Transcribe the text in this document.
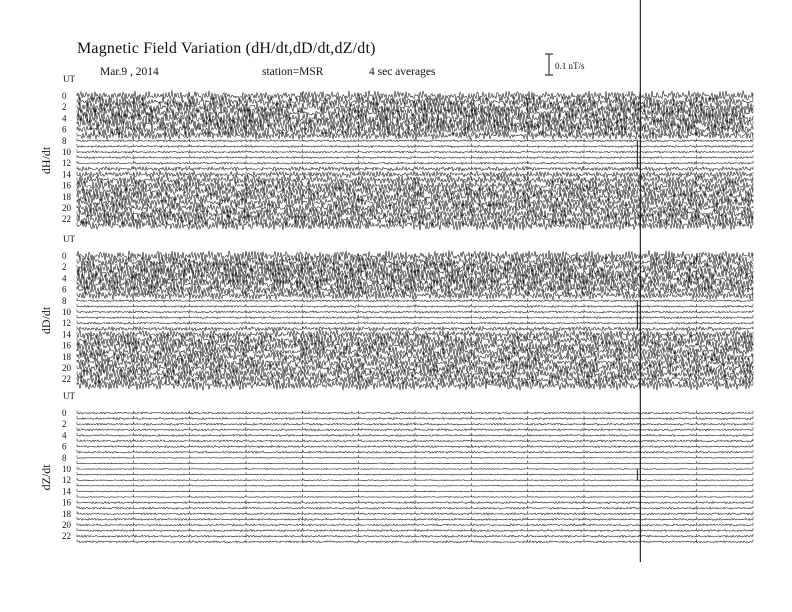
Magnetic Field Variation (dH/dt,dD/dt,dZ/dt)
Mar.9 , 2014	station=MSR	4 sec averages	0.1 nT/s
UT
dH/dt
0
2
4
6
8
10
12
14
16
18
20
22
UT
dD/dt
0
2
4
6
8
10
12
14
16
18
20
22
UT
dZ/dt
0
2
4
6
8
10
12
14
16
18
20
22
